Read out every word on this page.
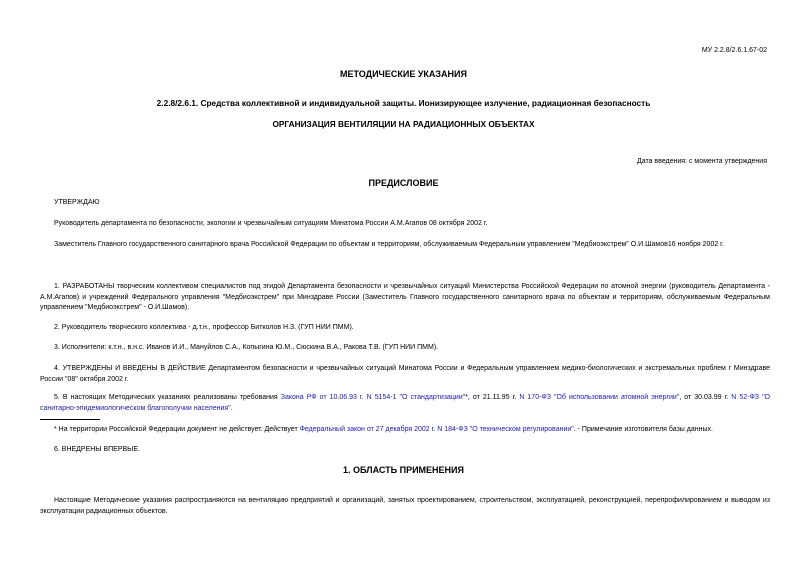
МУ 2.2.8/2.6.1.67-02
МЕТОДИЧЕСКИЕ УКАЗАНИЯ
2.2.8/2.6.1. Средства коллективной и индивидуальной защиты. Ионизирующее излучение, радиационная безопасность
ОРГАНИЗАЦИЯ ВЕНТИЛЯЦИИ НА РАДИАЦИОННЫХ ОБЪЕКТАХ
Дата введения: с момента утверждения
ПРЕДИСЛОВИЕ
УТВЕРЖДАЮ
Руководитель департамента по безопасности, экологии и чрезвычайным ситуациям Минатома России А.М.Агапов 08 октября 2002 г.
Заместитель Главного государственного санитарного врача Российской Федерации по объектам и территориям, обслуживаемым Федеральным управлением "Медбиоэкстрем" О.И.Шамов16 ноября 2002 г.
1. РАЗРАБОТАНЫ творческим коллективом специалистов под эгидой Департамента безопасности и чрезвычайных ситуаций Министерства Российской Федерации по атомной энергии (руководитель Департамента - А.М.Агапов) и учреждений Федерального управления "Медбиоэкстрем" при Минздраве России (Заместитель Главного государственного санитарного врача по объектам и территориям, обслуживаемым Федеральным управлением "Медбиоэкстрем" - О.И.Шамов).
2. Руководитель творческого коллектива - д.т.н., профессор Битколов Н.З. (ГУП НИИ ПММ).
3. Исполнители: к.т.н., в.н.с. Иванов И.И., Мануйлов С.А., Копыгина Ю.М., Сюскина В.А., Ракова Т.В. (ГУП НИИ ПММ).
4. УТВЕРЖДЕНЫ И ВВЕДЕНЫ В ДЕЙСТВИЕ Департаментом безопасности и чрезвычайных ситуаций Минатома России и Федеральным управлением медико-биологических и экстремальных проблем г Минздраве России "08" октября 2002 г.
5. В настоящих Методических указаниях реализованы требования Закона РФ от 10.06.93 г. N 5154-1 "О стандартизации"*, от 21.11.95 г. N 170-ФЗ "Об использовании атомной энергии", от 30.03.99 г. N 52-ФЗ "О санитарно-эпидемиологическом благополучии населения".
* На территории Российской Федерации документ не действует. Действует Федеральный закон от 27 декабря 2002 г. N 184-ФЗ "О техническом регулировании". - Примечание изготовителя базы данных.
6. ВНЕДРЕНЫ ВПЕРВЫЕ.
1. ОБЛАСТЬ ПРИМЕНЕНИЯ
Настоящие Методические указания распространяются на вентиляцию предприятий и организаций, занятых проектированием, строительством, эксплуатацией, реконструкцией, перепрофилированием и выводом из эксплуатации радиационных объектов.
